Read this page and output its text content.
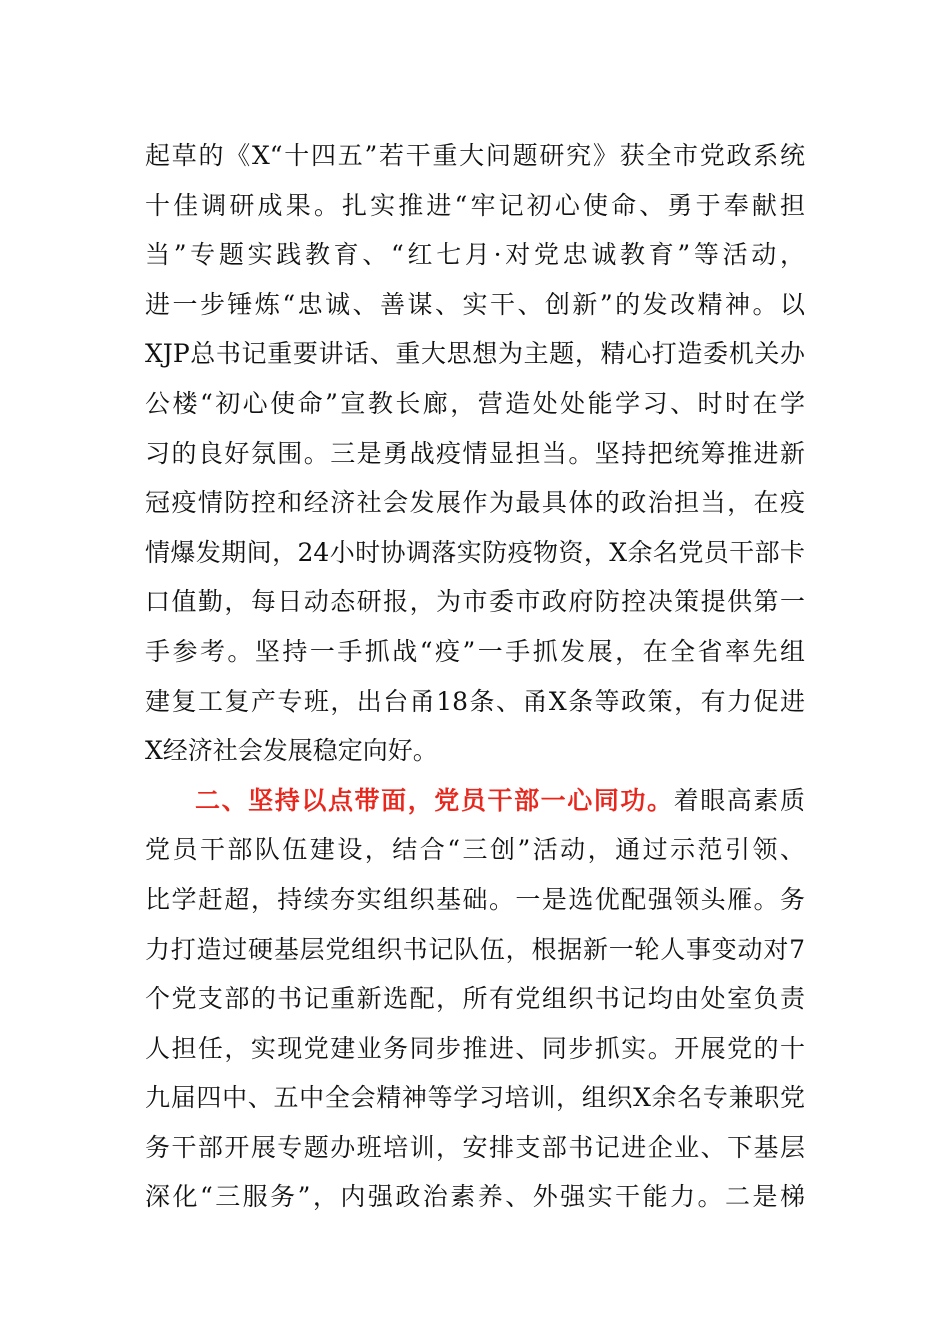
起草的《X“十四五”若干重大问题研究》获全市党政系统
十佳调研成果。扎实推进“牢记初心使命、勇于奉献担
当”专题实践教育、“红七月·对党忠诚教育”等活动，
进一步锤炼“忠诚、善谋、实干、创新”的发改精神。以
XJP总书记重要讲话、重大思想为主题，精心打造委机关办
公楼“初心使命”宣教长廊，营造处处能学习、时时在学
习的良好氛围。三是勇战疫情显担当。坚持把统筹推进新
冠疫情防控和经济社会发展作为最具体的政治担当，在疫
情爆发期间，24小时协调落实防疫物资，X余名党员干部卡
口值勤，每日动态研报，为市委市政府防控决策提供第一
手参考。坚持一手抓战“疫”一手抓发展，在全省率先组
建复工复产专班，出台甬18条、甬X条等政策，有力促进
X经济社会发展稳定向好。
二、坚持以点带面，党员干部一心同功。着眼高素质
党员干部队伍建设，结合“三创”活动，通过示范引领、
比学赶超，持续夯实组织基础。一是选优配强领头雁。务
力打造过硬基层党组织书记队伍，根据新一轮人事变动对7
个党支部的书记重新选配，所有党组织书记均由处室负责
人担任，实现党建业务同步推进、同步抓实。开展党的十
九届四中、五中全会精神等学习培训，组织X余名专兼职党
务干部开展专题办班培训，安排支部书记进企业、下基层
深化“三服务”，内强政治素养、外强实干能力。二是梯
